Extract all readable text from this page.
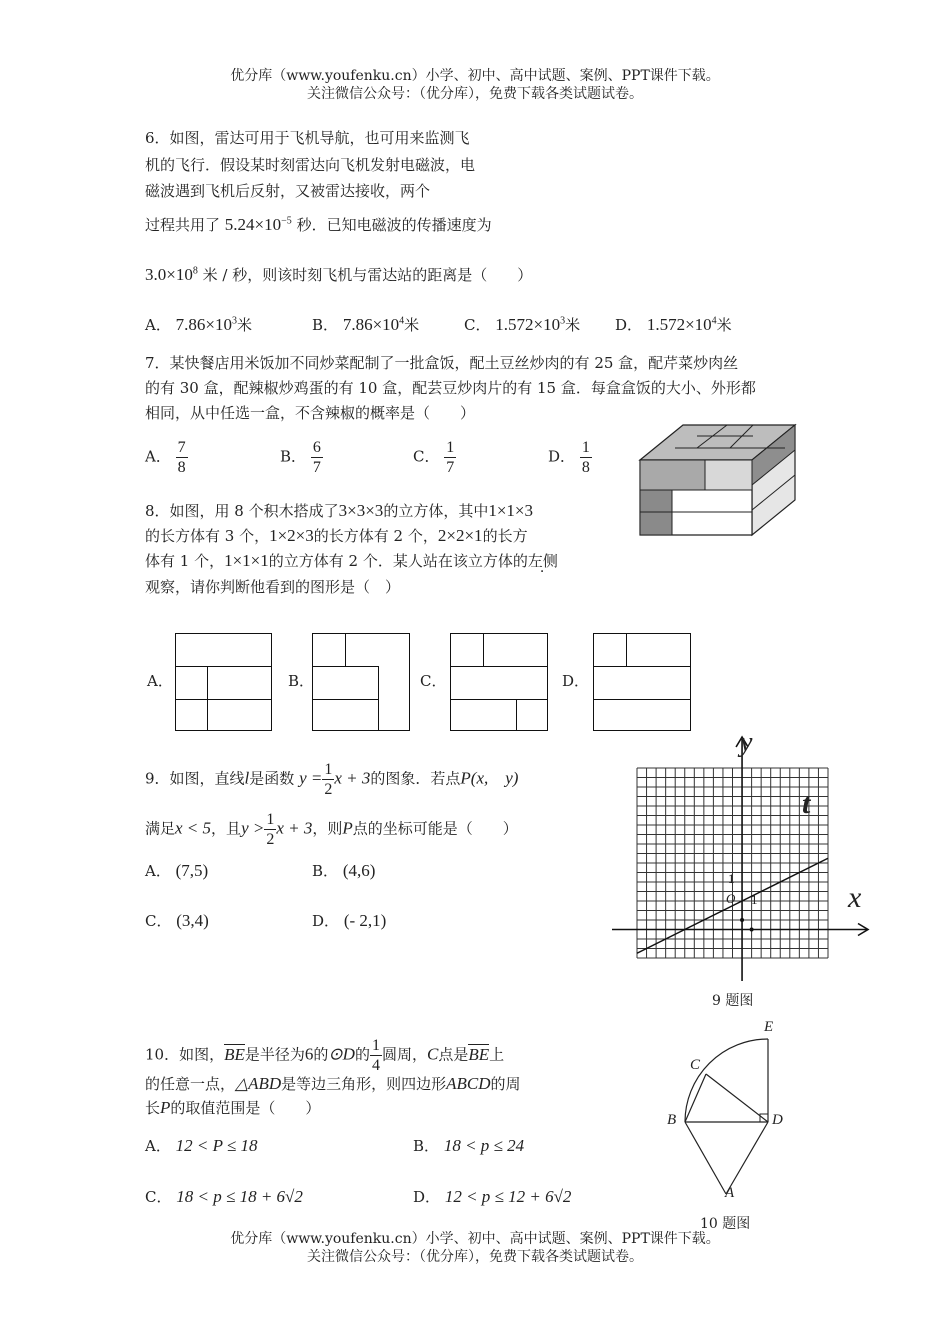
优分库（www.youfenku.cn）小学、初中、高中试题、案例、PPT课件下载。
关注微信公众号：（优分库），免费下载各类试题试卷。
6．如图，雷达可用于飞机导航，也可用来监测飞
机的飞行．假设某时刻雷达向飞机发射电磁波，电
磁波遇到飞机后反射，又被雷达接收，两个
过程共用了 $5.24\times 10^{-5}$ 秒．已知电磁波的传播速度为
$3.0\times 10^8$ 米 / 秒，则该时刻飞机与雷达站的距离是（　　）
A． $7.86\times 10^3$米	B． $7.86\times 10^4$米	C． $1.572\times 10^3$米 D． $1.572\times 10^4$米
7．某快餐店用米饭加不同炒菜配制了一批盒饭，配土豆丝炒肉的有 25 盒，配芹菜炒肉丝
的有 30 盒，配辣椒炒鸡蛋的有 10 盒，配芸豆炒肉片的有 15 盒．每盒盒饭的大小、外形都
相同，从中任选一盒，不含辣椒的概率是（　　）
A． $\frac{7}{8}$	B． $\frac{6}{7}$	C． $\frac{1}{7}$	D． $\frac{1}{8}$
8．如图，用 8 个积木搭成了3×3×3的立方体，其中1×1×3
的长方体有 3 个，1×2×3的长方体有 2 个，2×2×1的长方
体有 1 个，1×1×1的立方体有 2 个．某人站在该立方体的左侧
观察，请你判断他看到的图形是（　）
A．	B．	C．	D．
9．如图，直线l是函数 $y = \frac{1}{2}$ x + 3的图象．若点P(x,　y)
满足x < 5，且$y > \frac{1}{2}$ x + 3，则P点的坐标可能是（　　）
A． (7,5)	B． (4,6)
C． (3,4)	D． (- 2,1)
y
x
t
O 1
1
9 题图
10．如图，BE是半径为6的⊙D的 $\frac{1}{4}$ 圆周，C点是BE上
的任意一点，△ABD是等边三角形，则四边形ABCD的周
长P的取值范围是（　　）
A． 12 < P ≤ 18	B． 18 < p ≤ 24
C． 18 < p ≤ 18 + 6√2	D． 12 < p ≤ 12 + 6√2
E
C
B	D
A
10 题图
优分库（www.youfenku.cn）小学、初中、高中试题、案例、PPT课件下载。
关注微信公众号：（优分库），免费下载各类试题试卷。
